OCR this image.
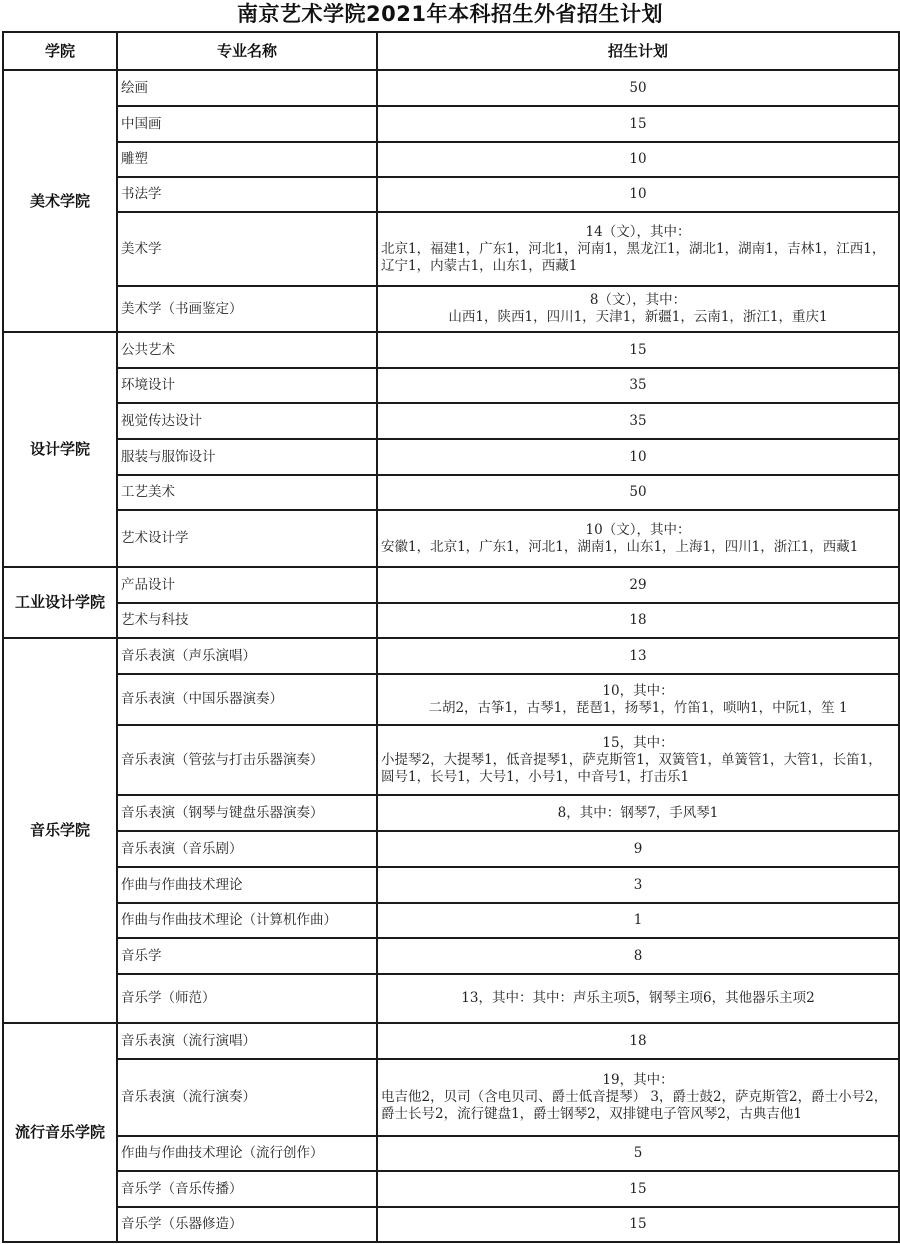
南京艺术学院2021年本科招生外省招生计划
学院	专业名称	招生计划
美术学院	绘画	50
	中国画	15
	雕塑	10
	书法学	10
	美术学	14（文），其中：
北京1，福建1，广东1，河北1，河南1，黑龙江1，湖北1，湖南1，吉林1，江西1，辽宁1，内蒙古1，山东1，西藏1

	美术学（书画鉴定）	8（文），其中：
山西1，陕西1，四川1，天津1，新疆1，云南1，浙江1，重庆1

设计学院	公共艺术	15
	环境设计	35
	视觉传达设计	35
	服装与服饰设计	10
	工艺美术	50
	艺术设计学	10（文），其中：
安徽1，北京1，广东1，河北1，湖南1，山东1，上海1，四川1，浙江1，西藏1

工业设计学院	产品设计	29
	艺术与科技	18
音乐学院	音乐表演（声乐演唱）	13
	音乐表演（中国乐器演奏）	10，其中：
二胡2，古筝1，古琴1，琵琶1，扬琴1，竹笛1，唢呐1，中阮1，笙 1

	音乐表演（管弦与打击乐器演奏）	15，其中：
小提琴2，大提琴1，低音提琴1，萨克斯管1，双簧管1，单簧管1，大管1，长笛1，圆号1，长号1，大号1，小号1，中音号1，打击乐1

	音乐表演（钢琴与键盘乐器演奏）	8，其中：钢琴7，手风琴1
	音乐表演（音乐剧）	9
	作曲与作曲技术理论	3
	作曲与作曲技术理论（计算机作曲）	1
	音乐学	8
	音乐学（师范）	13，其中：其中：声乐主项5，钢琴主项6，其他器乐主项2
流行音乐学院	音乐表演（流行演唱）	18
	音乐表演（流行演奏）	19，其中：
电吉他2，贝司（含电贝司、爵士低音提琴） 3，爵士鼓2，萨克斯管2，爵士小号2，爵士长号2，流行键盘1，爵士钢琴2，双排键电子管风琴2，古典吉他1

	作曲与作曲技术理论（流行创作）	5
	音乐学（音乐传播）	15
	音乐学（乐器修造）	15
